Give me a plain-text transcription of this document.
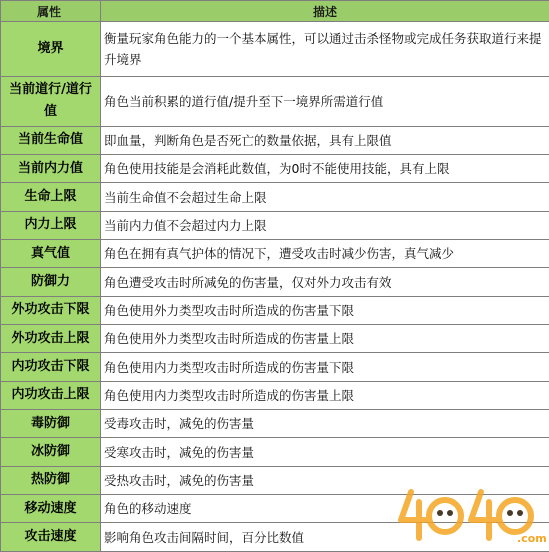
属性	描述
境界	衡量玩家角色能力的一个基本属性，可以通过击杀怪物或完成任务获取道行来提升境界
当前道行/道行值	角色当前积累的道行值/提升至下一境界所需道行值
当前生命值	即血量，判断角色是否死亡的数量依据，具有上限值
当前内力值	角色使用技能是会消耗此数值，为0时不能使用技能，具有上限
生命上限	当前生命值不会超过生命上限
内力上限	当前内力值不会超过内力上限
真气值	角色在拥有真气护体的情况下，遭受攻击时减少伤害，真气减少
防御力	角色遭受攻击时所减免的伤害量，仅对外力攻击有效
外功攻击下限	角色使用外力类型攻击时所造成的伤害量下限
外功攻击上限	角色使用外力类型攻击时所造成的伤害量上限
内功攻击下限	角色使用内力类型攻击时所造成的伤害量下限
内功攻击上限	角色使用内力类型攻击时所造成的伤害量上限
毒防御	受毒攻击时，减免的伤害量
冰防御	受寒攻击时，减免的伤害量
热防御	受热攻击时，减免的伤害量
移动速度	角色的移动速度
攻击速度	影响角色攻击间隔时间，百分比数值	.com
